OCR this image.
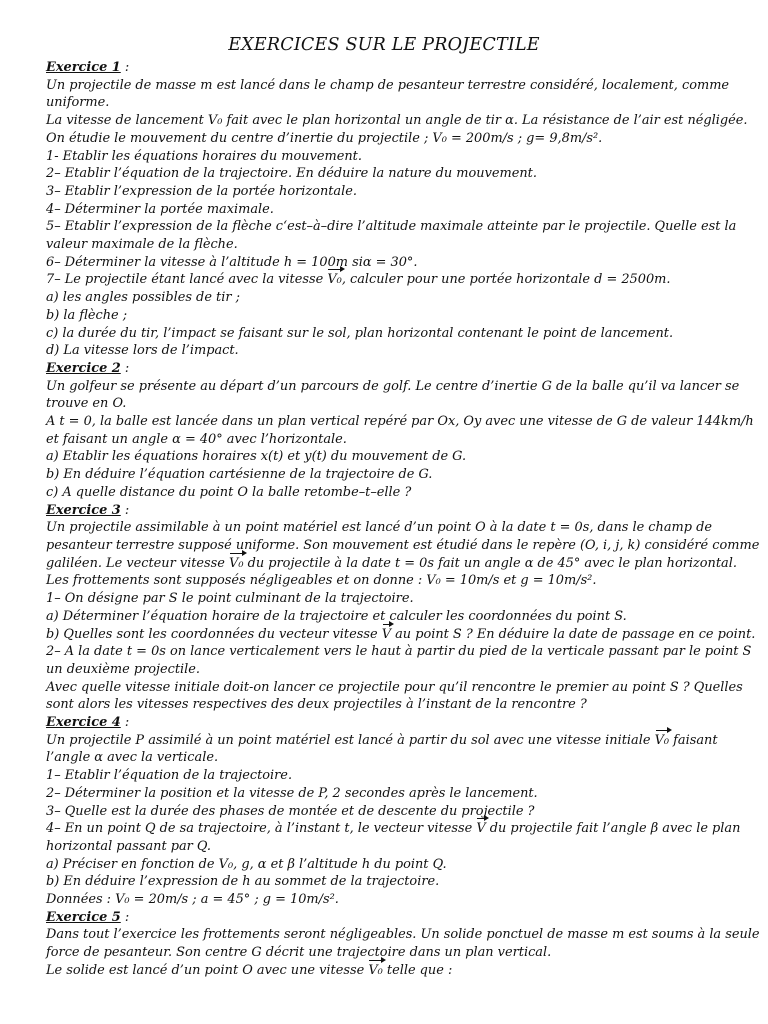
EXERCICES SUR LE PROJECTILE
Exercice 1 :
Un projectile de masse m est lancé dans le champ de pesanteur terrestre considéré, localement, comme
uniforme.
La vitesse de lancement V₀ fait avec le plan horizontal un angle de tir α. La résistance de l’air est négligée.
On étudie le mouvement du centre d’inertie du projectile ; V₀ = 200m/s ; g= 9,8m/s².
1- Etablir les équations horaires du mouvement.
2– Etablir l’équation de la trajectoire. En déduire la nature du mouvement.
3– Etablir l’expression de la portée horizontale.
4– Déterminer la portée maximale.
5– Etablir l’expression de la flèche c‘est–à–dire l’altitude maximale atteinte par le projectile. Quelle est la
valeur maximale de la flèche.
6– Déterminer la vitesse à l’altitude h = 100m siα = 30°.
7– Le projectile étant lancé avec la vitesse V₀, calculer pour une portée horizontale d = 2500m.
a) les angles possibles de tir ;
b) la flèche ;
c) la durée du tir, l’impact se faisant sur le sol, plan horizontal contenant le point de lancement.
d) La vitesse lors de l’impact.
Exercice 2 :
Un golfeur se présente au départ d’un parcours de golf. Le centre d’inertie G de la balle qu’il va lancer se
trouve en O.
A t = 0, la balle est lancée dans un plan vertical repéré par Ox, Oy avec une vitesse de G de valeur 144km/h
et faisant un angle α = 40° avec l’horizontale.
a) Etablir les équations horaires x(t) et y(t) du mouvement de G.
b) En déduire l’équation cartésienne de la trajectoire de G.
c) A quelle distance du point O la balle retombe–t–elle ?
Exercice 3 :
Un projectile assimilable à un point matériel est lancé d’un point O à la date t = 0s, dans le champ de
pesanteur terrestre supposé uniforme. Son mouvement est étudié dans le repère (O, i, j, k) considéré comme
galiléen. Le vecteur vitesse V₀ du projectile à la date t = 0s fait un angle α de 45° avec le plan horizontal.
Les frottements sont supposés négligeables et on donne : V₀ = 10m/s et g = 10m/s².
1– On désigne par S le point culminant de la trajectoire.
a) Déterminer l’équation horaire de la trajectoire et calculer les coordonnées du point S.
b) Quelles sont les coordonnées du vecteur vitesse V au point S ? En déduire la date de passage en ce point.
2– A la date t = 0s on lance verticalement vers le haut à partir du pied de la verticale passant par le point S
un deuxième projectile.
Avec quelle vitesse initiale doit-on lancer ce projectile pour qu’il rencontre le premier au point S ? Quelles
sont alors les vitesses respectives des deux projectiles à l’instant de la rencontre ?
Exercice 4 :
Un projectile P assimilé à un point matériel est lancé à partir du sol avec une vitesse initiale V₀ faisant
l’angle α avec la verticale.
1– Etablir l’équation de la trajectoire.
2– Déterminer la position et la vitesse de P, 2 secondes après le lancement.
3– Quelle est la durée des phases de montée et de descente du projectile ?
4– En un point Q de sa trajectoire, à l’instant t, le vecteur vitesse V du projectile fait l’angle β avec le plan
horizontal passant par Q.
a) Préciser en fonction de V₀, g, α et β l’altitude h du point Q.
b) En déduire l’expression de h au sommet de la trajectoire.
Données : V₀ = 20m/s ; a = 45° ; g = 10m/s².
Exercice 5 :
Dans tout l’exercice les frottements seront négligeables. Un solide ponctuel de masse m est soums à la seule
force de pesanteur. Son centre G décrit une trajectoire dans un plan vertical.
Le solide est lancé d’un point O avec une vitesse V₀ telle que :
